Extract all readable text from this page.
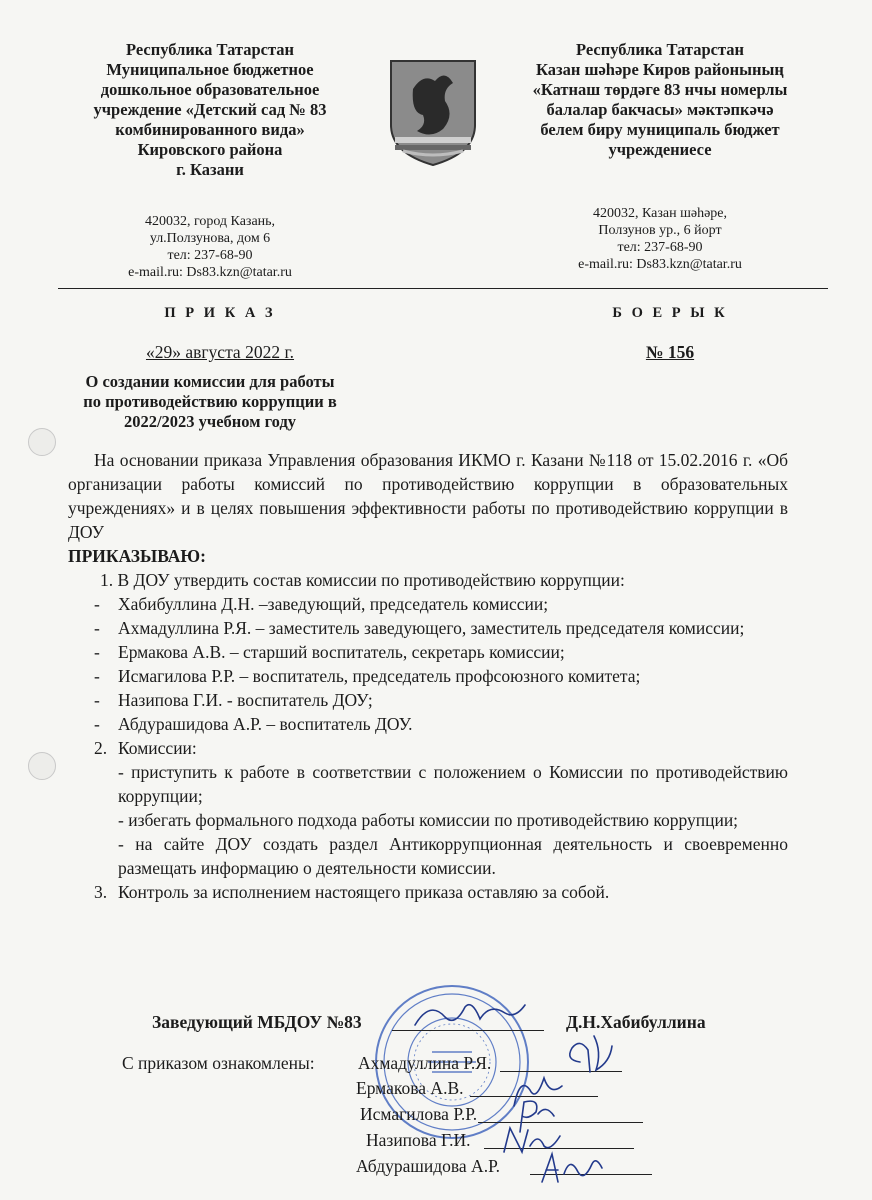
Республика Татарстан
Муниципальное бюджетное
дошкольное образовательное
учреждение «Детский сад № 83
комбинированного вида»
Кировского района
г. Казани
420032, город Казань,
ул.Ползунова, дом 6
тел: 237-68-90
e-mail.ru: Ds83.kzn@tatar.ru
Республика Татарстан
Казан шәһәре Киров районының
«Катнаш төрдәге 83 нчы номерлы
балалар бакчасы» мәктәпкәчә
белем биру муниципаль бюджет
учреждениесе
420032, Казан шәһәре,
Ползунов ур., 6 йорт
тел: 237-68-90
e-mail.ru: Ds83.kzn@tatar.ru
П Р И К А З	Б О Е Р Ы К
«29» августа 2022 г.	№ 156
О создании комиссии для работы
по противодействию коррупции в
2022/2023 учебном году
На основании приказа Управления образования ИКМО г. Казани №118 от 15.02.2016 г. «Об организации работы комиссий по противодействию коррупции в образовательных учреждениях» и в целях повышения эффективности работы по противодействию коррупции в ДОУ
ПРИКАЗЫВАЮ:
1. В ДОУ утвердить состав комиссии по противодействию коррупции:
-	Хабибуллина Д.Н. –заведующий, председатель комиссии;
-	Ахмадуллина Р.Я. – заместитель заведующего, заместитель председателя комиссии;
-	Ермакова А.В. – старший воспитатель, секретарь комиссии;
-	Исмагилова Р.Р. – воспитатель, председатель профсоюзного комитета;
-	Назипова Г.И. - воспитатель ДОУ;
-	Абдурашидова А.Р. – воспитатель ДОУ.
2. Комиссии:
- приступить к работе в соответствии с положением о Комиссии по противодействию коррупции;
- избегать формального подхода работы комиссии по противодействию коррупции;
- на сайте ДОУ создать раздел Антикоррупционная деятельность и своевременно размещать информацию о деятельности комиссии.
3. Контроль за исполнением настоящего приказа оставляю за собой.
Заведующий МБДОУ №83	Д.Н.Хабибуллина
С приказом ознакомлены: Ахмадуллина Р.Я.
Ермакова А.В.
Исмагилова Р.Р.
Назипова Г.И.
Абдурашидова А.Р.
